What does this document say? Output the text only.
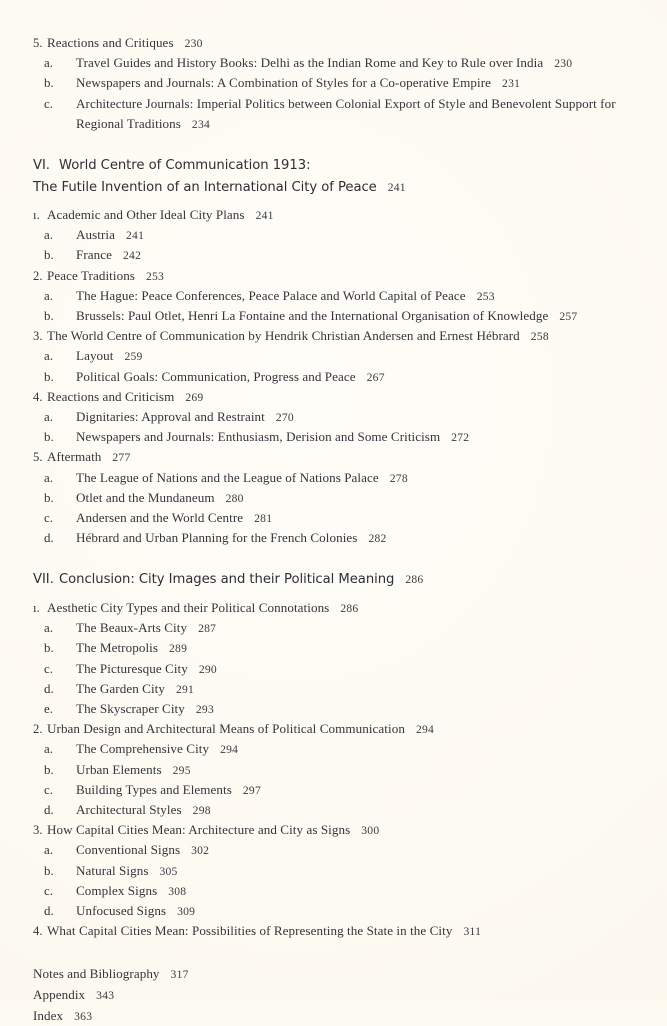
5. Reactions and Critiques 230
a. Travel Guides and History Books: Delhi as the Indian Rome and Key to Rule over India 230
b. Newspapers and Journals: A Combination of Styles for a Co-operative Empire 231
c. Architecture Journals: Imperial Politics between Colonial Export of Style and Benevolent Support for Regional Traditions 234
VI. World Centre of Communication 1913:
The Futile Invention of an International City of Peace 241
ı. Academic and Other Ideal City Plans 241
a. Austria 241
b. France 242
2. Peace Traditions 253
a. The Hague: Peace Conferences, Peace Palace and World Capital of Peace 253
b. Brussels: Paul Otlet, Henri La Fontaine and the International Organisation of Knowledge 257
3. The World Centre of Communication by Hendrik Christian Andersen and Ernest Hébrard 258
a. Layout 259
b. Political Goals: Communication, Progress and Peace 267
4. Reactions and Criticism 269
a. Dignitaries: Approval and Restraint 270
b. Newspapers and Journals: Enthusiasm, Derision and Some Criticism 272
5. Aftermath 277
a. The League of Nations and the League of Nations Palace 278
b. Otlet and the Mundaneum 280
c. Andersen and the World Centre 281
d. Hébrard and Urban Planning for the French Colonies 282
VII. Conclusion: City Images and their Political Meaning 286
ı. Aesthetic City Types and their Political Connotations 286
a. The Beaux-Arts City 287
b. The Metropolis 289
c. The Picturesque City 290
d. The Garden City 291
e. The Skyscraper City 293
2. Urban Design and Architectural Means of Political Communication 294
a. The Comprehensive City 294
b. Urban Elements 295
c. Building Types and Elements 297
d. Architectural Styles 298
3. How Capital Cities Mean: Architecture and City as Signs 300
a. Conventional Signs 302
b. Natural Signs 305
c. Complex Signs 308
d. Unfocused Signs 309
4. What Capital Cities Mean: Possibilities of Representing the State in the City 311
Notes and Bibliography 317
Appendix 343
Index 363
